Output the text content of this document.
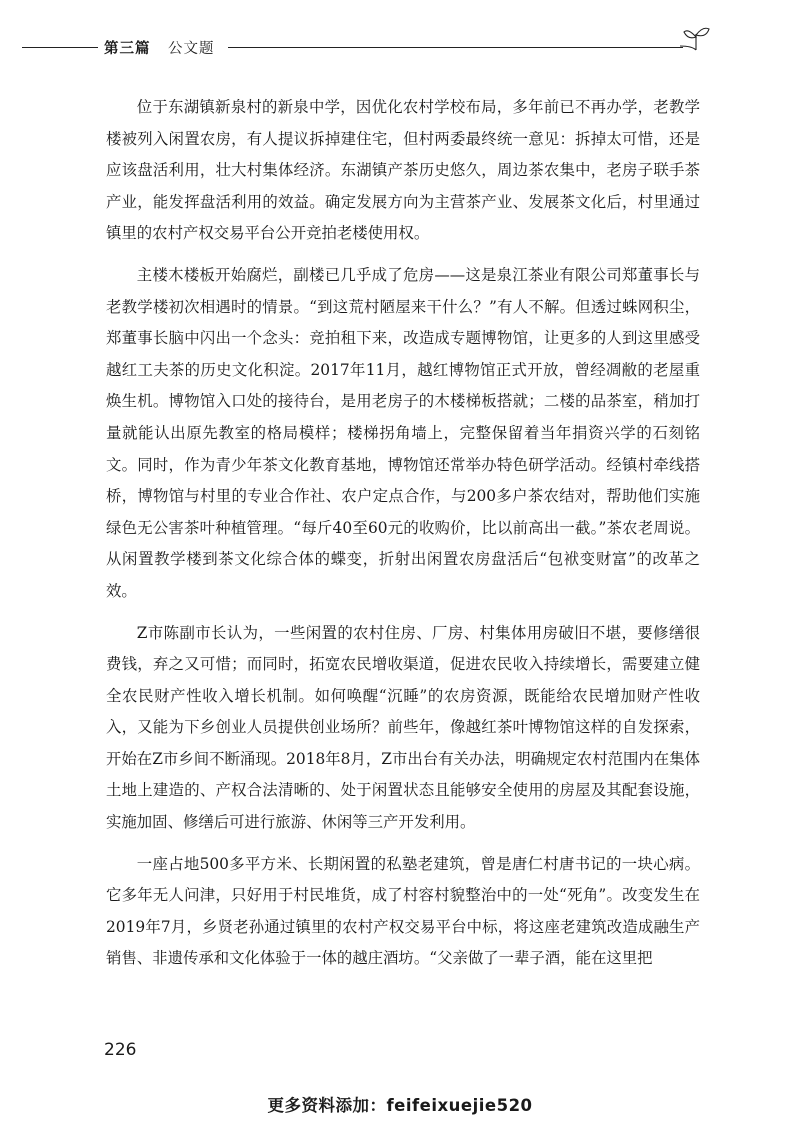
第三篇 公文题

位于东湖镇新泉村的新泉中学，因优化农村学校布局，多年前已不再办学，老教学楼被列入闲置农房，有人提议拆掉建住宅，但村两委最终统一意见：拆掉太可惜，还是应该盘活利用，壮大村集体经济。东湖镇产茶历史悠久，周边茶农集中，老房子联手茶产业，能发挥盘活利用的效益。确定发展方向为主营茶产业、发展茶文化后，村里通过镇里的农村产权交易平台公开竞拍老楼使用权。

主楼木楼板开始腐烂，副楼已几乎成了危房——这是泉江茶业有限公司郑董事长与老教学楼初次相遇时的情景。“到这荒村陋屋来干什么？”有人不解。但透过蛛网积尘，郑董事长脑中闪出一个念头：竞拍租下来，改造成专题博物馆，让更多的人到这里感受越红工夫茶的历史文化积淀。2017年11月，越红博物馆正式开放，曾经凋敝的老屋重焕生机。博物馆入口处的接待台，是用老房子的木楼梯板搭就；二楼的品茶室，稍加打量就能认出原先教室的格局模样；楼梯拐角墙上，完整保留着当年捐资兴学的石刻铭文。同时，作为青少年茶文化教育基地，博物馆还常举办特色研学活动。经镇村牵线搭桥，博物馆与村里的专业合作社、农户定点合作，与200多户茶农结对，帮助他们实施绿色无公害茶叶种植管理。“每斤40至60元的收购价，比以前高出一截。”茶农老周说。从闲置教学楼到茶文化综合体的蝶变，折射出闲置农房盘活后“包袱变财富”的改革之效。

Z市陈副市长认为，一些闲置的农村住房、厂房、村集体用房破旧不堪，要修缮很费钱，弃之又可惜；而同时，拓宽农民增收渠道，促进农民收入持续增长，需要建立健全农民财产性收入增长机制。如何唤醒“沉睡”的农房资源，既能给农民增加财产性收入，又能为下乡创业人员提供创业场所？前些年，像越红茶叶博物馆这样的自发探索，开始在Z市乡间不断涌现。2018年8月，Z市出台有关办法，明确规定农村范围内在集体土地上建造的、产权合法清晰的、处于闲置状态且能够安全使用的房屋及其配套设施，实施加固、修缮后可进行旅游、休闲等三产开发利用。

一座占地500多平方米、长期闲置的私塾老建筑，曾是唐仁村唐书记的一块心病。它多年无人问津，只好用于村民堆货，成了村容村貌整治中的一处“死角”。改变发生在2019年7月，乡贤老孙通过镇里的农村产权交易平台中标，将这座老建筑改造成融生产销售、非遗传承和文化体验于一体的越庄酒坊。“父亲做了一辈子酒，能在这里把

226
更多资料添加：feifeixuejie520
